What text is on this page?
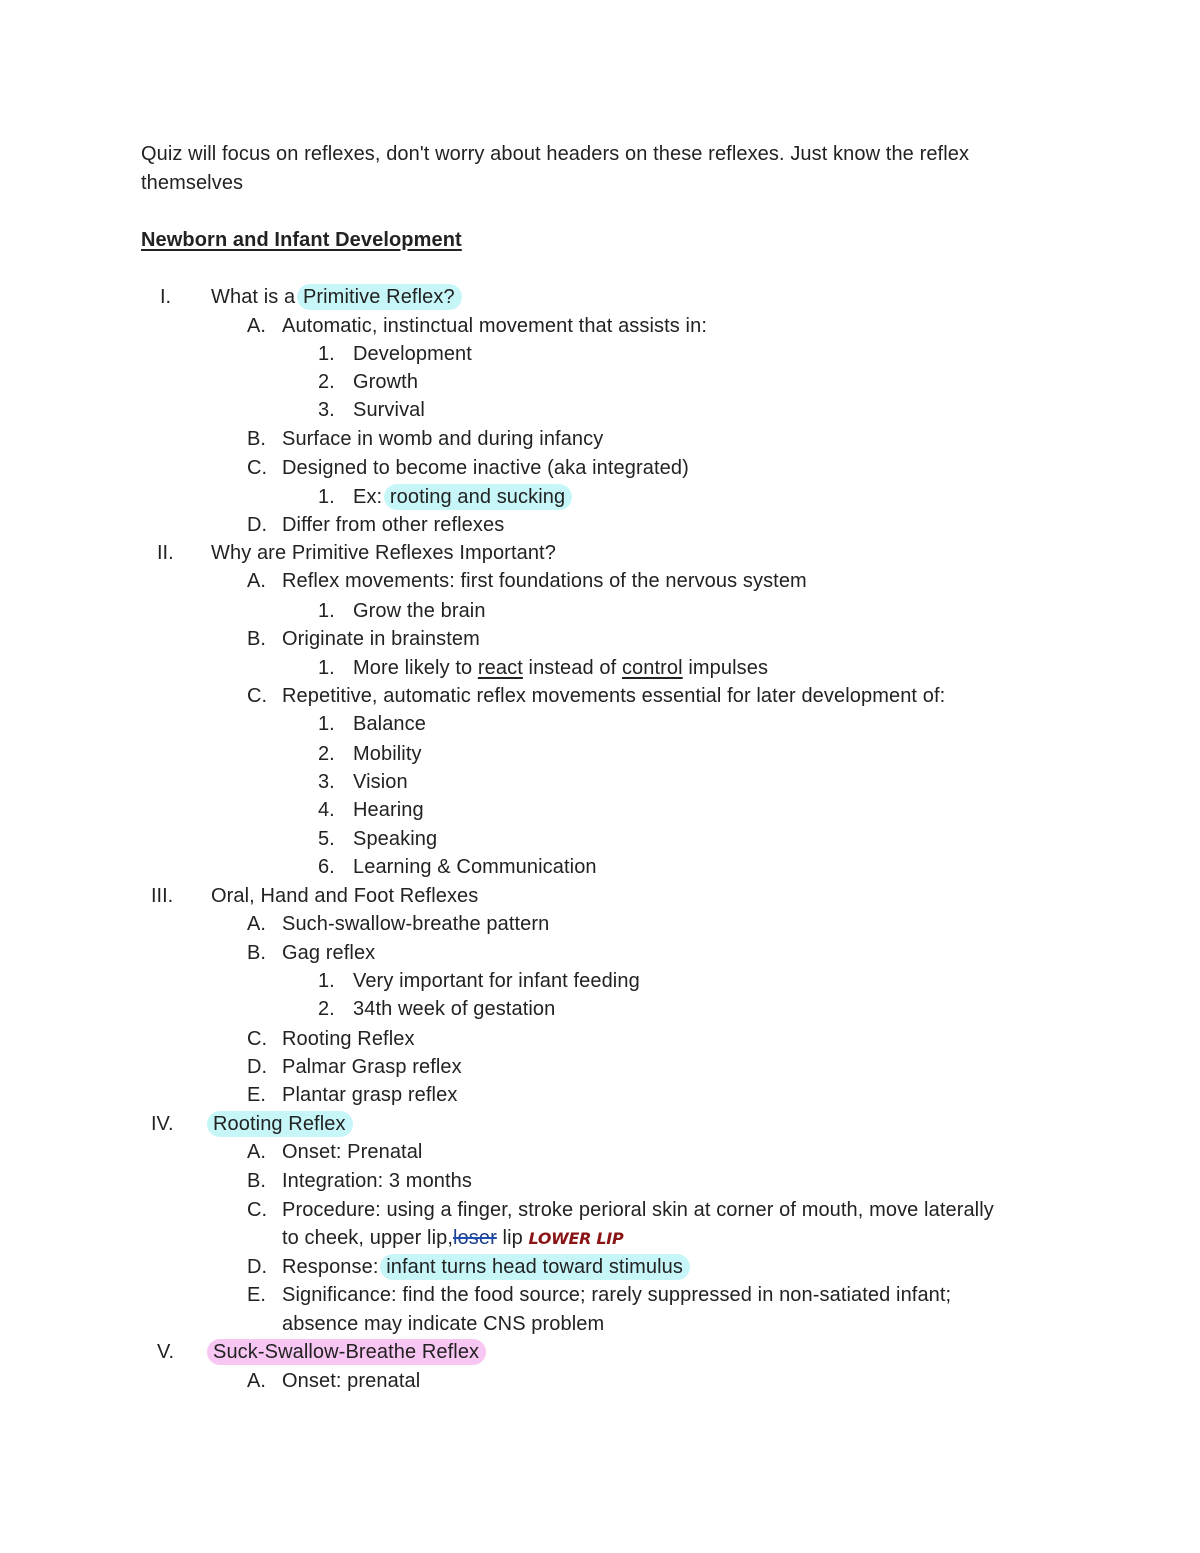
Quiz will focus on reflexes, don't worry about headers on these reflexes. Just know the reflex
themselves
Newborn and Infant Development
I. What is a Primitive Reflex?
A. Automatic, instinctual movement that assists in:
1. Development
2. Growth
3. Survival
B. Surface in womb and during infancy
C. Designed to become inactive (aka integrated)
1. Ex: rooting and sucking
D. Differ from other reflexes
II. Why are Primitive Reflexes Important?
A. Reflex movements: first foundations of the nervous system
1. Grow the brain
B. Originate in brainstem
1. More likely to react instead of control impulses
C. Repetitive, automatic reflex movements essential for later development of:
1. Balance
2. Mobility
3. Vision
4. Hearing
5. Speaking
6. Learning & Communication
III. Oral, Hand and Foot Reflexes
A. Such-swallow-breathe pattern
B. Gag reflex
1. Very important for infant feeding
2. 34th week of gestation
C. Rooting Reflex
D. Palmar Grasp reflex
E. Plantar grasp reflex
IV. Rooting Reflex
A. Onset: Prenatal
B. Integration: 3 months
C. Procedure: using a finger, stroke perioral skin at corner of mouth, move laterally
to cheek, upper lip,loser lip LOWER LIP
D. Response: infant turns head toward stimulus
E. Significance: find the food source; rarely suppressed in non-satiated infant;
absence may indicate CNS problem
V. Suck-Swallow-Breathe Reflex
A. Onset: prenatal
